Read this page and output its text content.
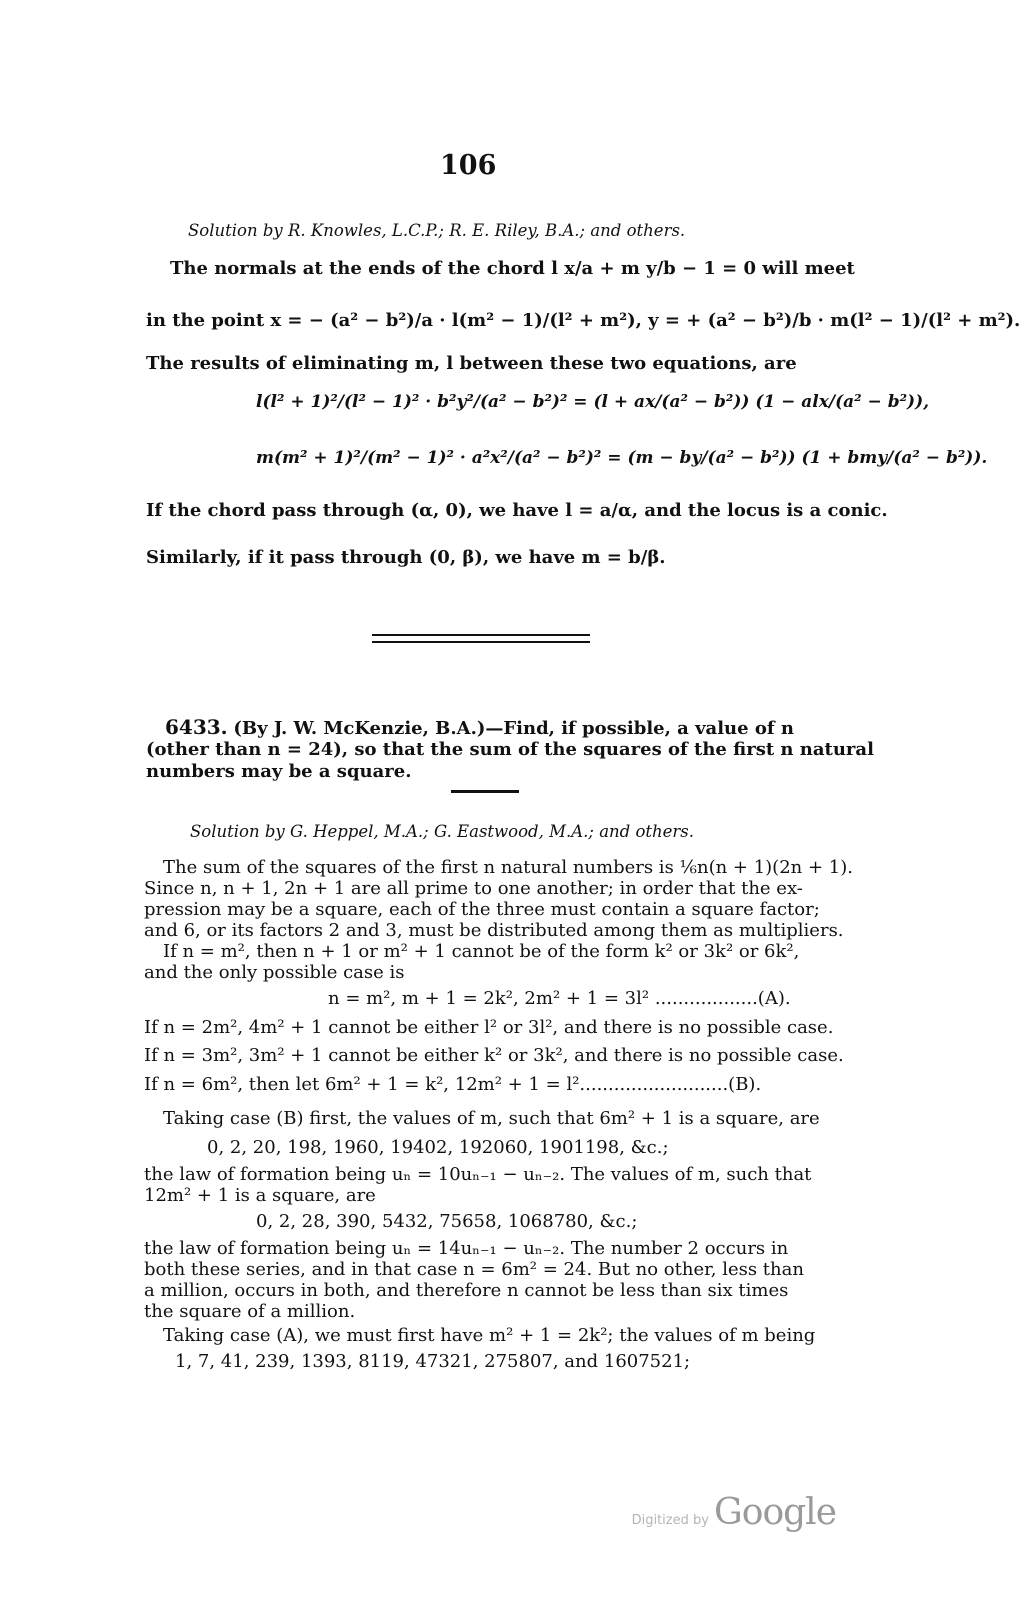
106
Solution by R. Knowles, L.C.P.; R. E. Riley, B.A.; and others.
The normals at the ends of the chord l x/a + m y/b − 1 = 0 will meet
in the point x = − (a² − b²)/a · l(m² − 1)/(l² + m²), y = + (a² − b²)/b · m(l² − 1)/(l² + m²).
The results of eliminating m, l between these two equations, are
l(l² + 1)²/(l² − 1)² · b²y²/(a² − b²)² = (l + ax/(a² − b²)) (1 − alx/(a² − b²)),
m(m² + 1)²/(m² − 1)² · a²x²/(a² − b²)² = (m − by/(a² − b²)) (1 + bmy/(a² − b²)).
If the chord pass through (α, 0), we have l = a/α, and the locus is a conic.
Similarly, if it pass through (0, β), we have m = b/β.
6433. (By J. W. McKenzie, B.A.)—Find, if possible, a value of n
(other than n = 24), so that the sum of the squares of the first n natural
numbers may be a square.
Solution by G. Heppel, M.A.; G. Eastwood, M.A.; and others.
The sum of the squares of the first n natural numbers is ⅙n(n + 1)(2n + 1).
Since n, n + 1, 2n + 1 are all prime to one another; in order that the ex-
pression may be a square, each of the three must contain a square factor;
and 6, or its factors 2 and 3, must be distributed among them as multipliers.
If n = m², then n + 1 or m² + 1 cannot be of the form k² or 3k² or 6k²,
and the only possible case is
n = m², m + 1 = 2k², 2m² + 1 = 3l² ..................(A).
If n = 2m², 4m² + 1 cannot be either l² or 3l², and there is no possible case.
If n = 3m², 3m² + 1 cannot be either k² or 3k², and there is no possible case.
If n = 6m², then let 6m² + 1 = k², 12m² + 1 = l²..........................(B).
Taking case (B) first, the values of m, such that 6m² + 1 is a square, are
0, 2, 20, 198, 1960, 19402, 192060, 1901198, &c.;
the law of formation being uₙ = 10uₙ₋₁ − uₙ₋₂. The values of m, such that
12m² + 1 is a square, are
0, 2, 28, 390, 5432, 75658, 1068780, &c.;
the law of formation being uₙ = 14uₙ₋₁ − uₙ₋₂. The number 2 occurs in
both these series, and in that case n = 6m² = 24. But no other, less than
a million, occurs in both, and therefore n cannot be less than six times
the square of a million.
Taking case (A), we must first have m² + 1 = 2k²; the values of m being
1, 7, 41, 239, 1393, 8119, 47321, 275807, and 1607521;
Digitized by Google
